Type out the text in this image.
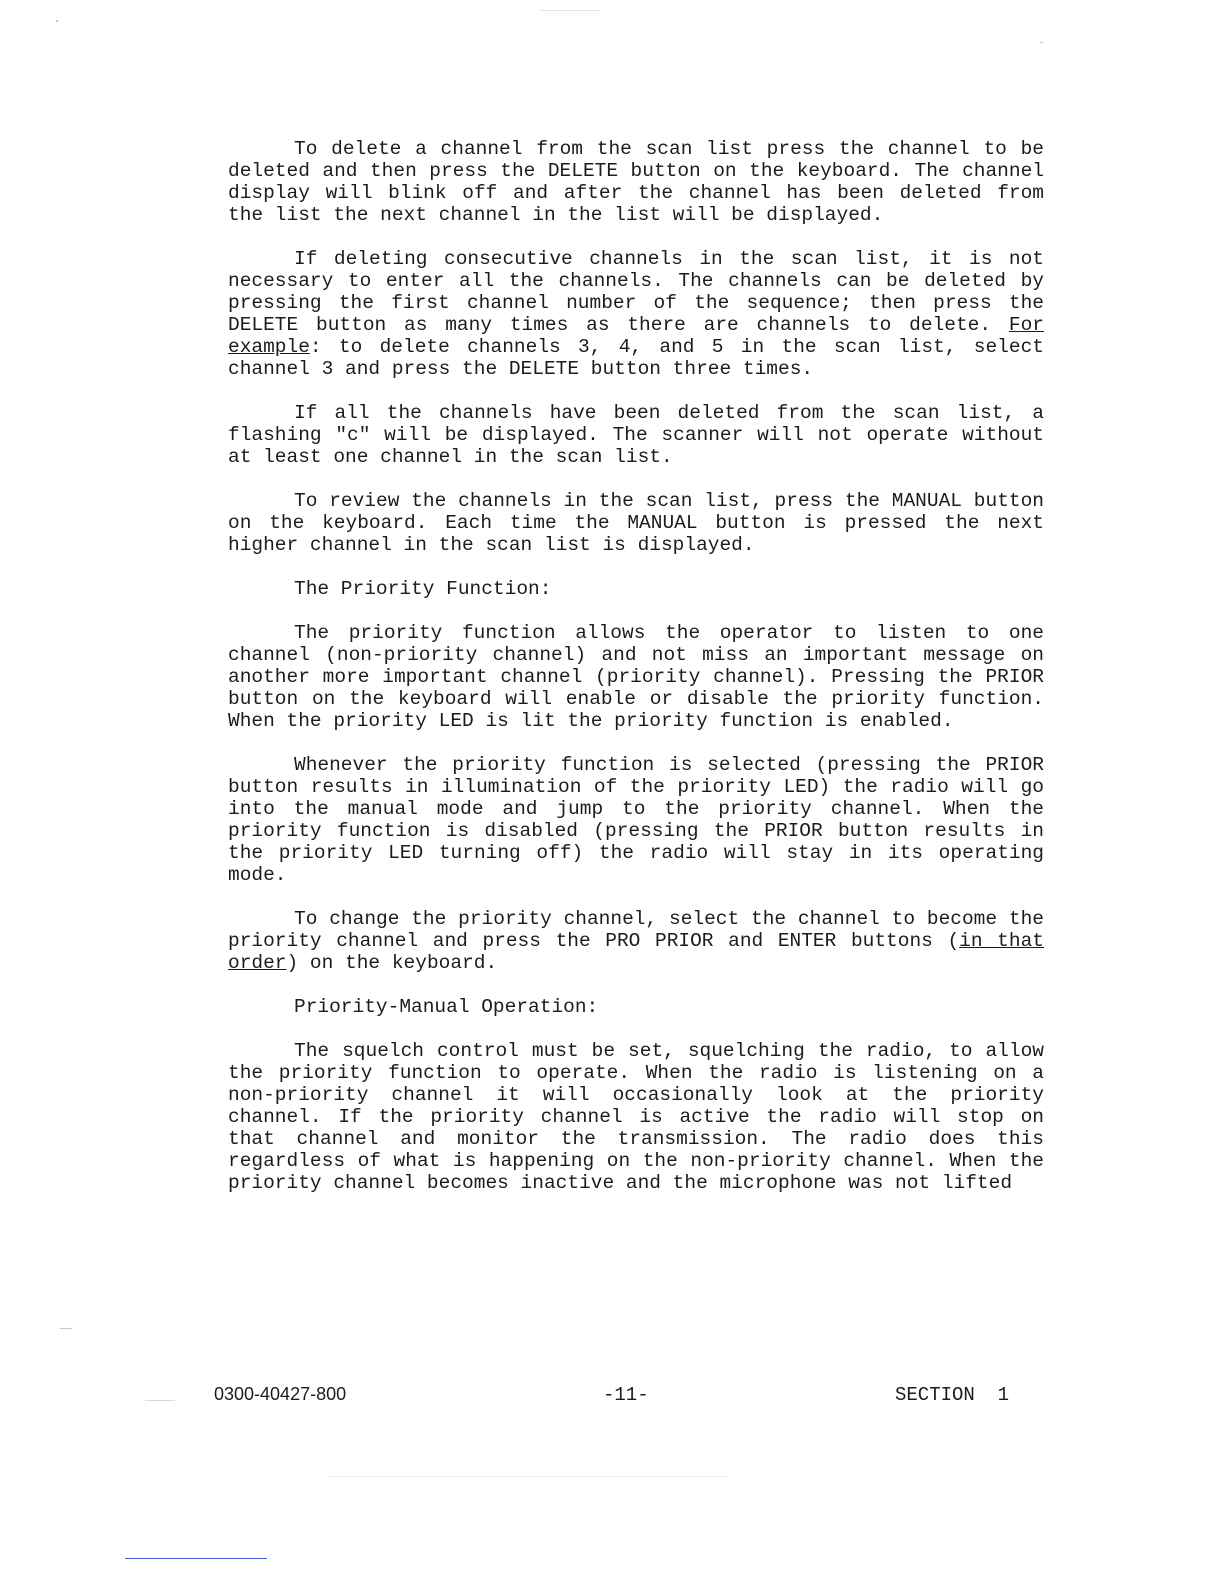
To delete a channel from the scan list press the channel to be deleted and then press the DELETE button on the keyboard. The channel display will blink off and after the channel has been deleted from the list the next channel in the list will be displayed.

If deleting consecutive channels in the scan list, it is not necessary to enter all the channels. The channels can be deleted by pressing the first channel number of the sequence; then press the DELETE button as many times as there are channels to delete. For example: to delete channels 3, 4, and 5 in the scan list, select channel 3 and press the DELETE button three times.

If all the channels have been deleted from the scan list, a flashing "c" will be displayed. The scanner will not operate without at least one channel in the scan list.

To review the channels in the scan list, press the MANUAL button on the keyboard. Each time the MANUAL button is pressed the next higher channel in the scan list is displayed.

The Priority Function:

The priority function allows the operator to listen to one channel (non-priority channel) and not miss an important message on another more important channel (priority channel). Pressing the PRIOR button on the keyboard will enable or disable the priority function. When the priority LED is lit the priority function is enabled.

Whenever the priority function is selected (pressing the PRIOR button results in illumination of the priority LED) the radio will go into the manual mode and jump to the priority channel. When the priority function is disabled (pressing the PRIOR button results in the priority LED turning off) the radio will stay in its operating mode.

To change the priority channel, select the channel to become the priority channel and press the PRO PRIOR and ENTER buttons (in that order) on the keyboard.

Priority-Manual Operation:

The squelch control must be set, squelching the radio, to allow the priority function to operate. When the radio is listening on a non-priority channel it will occasionally look at the priority channel. If the priority channel is active the radio will stop on that channel and monitor the transmission. The radio does this regardless of what is happening on the non-priority channel. When the priority channel becomes inactive and the microphone was not lifted

0300-40427-800	-11-	SECTION  1
